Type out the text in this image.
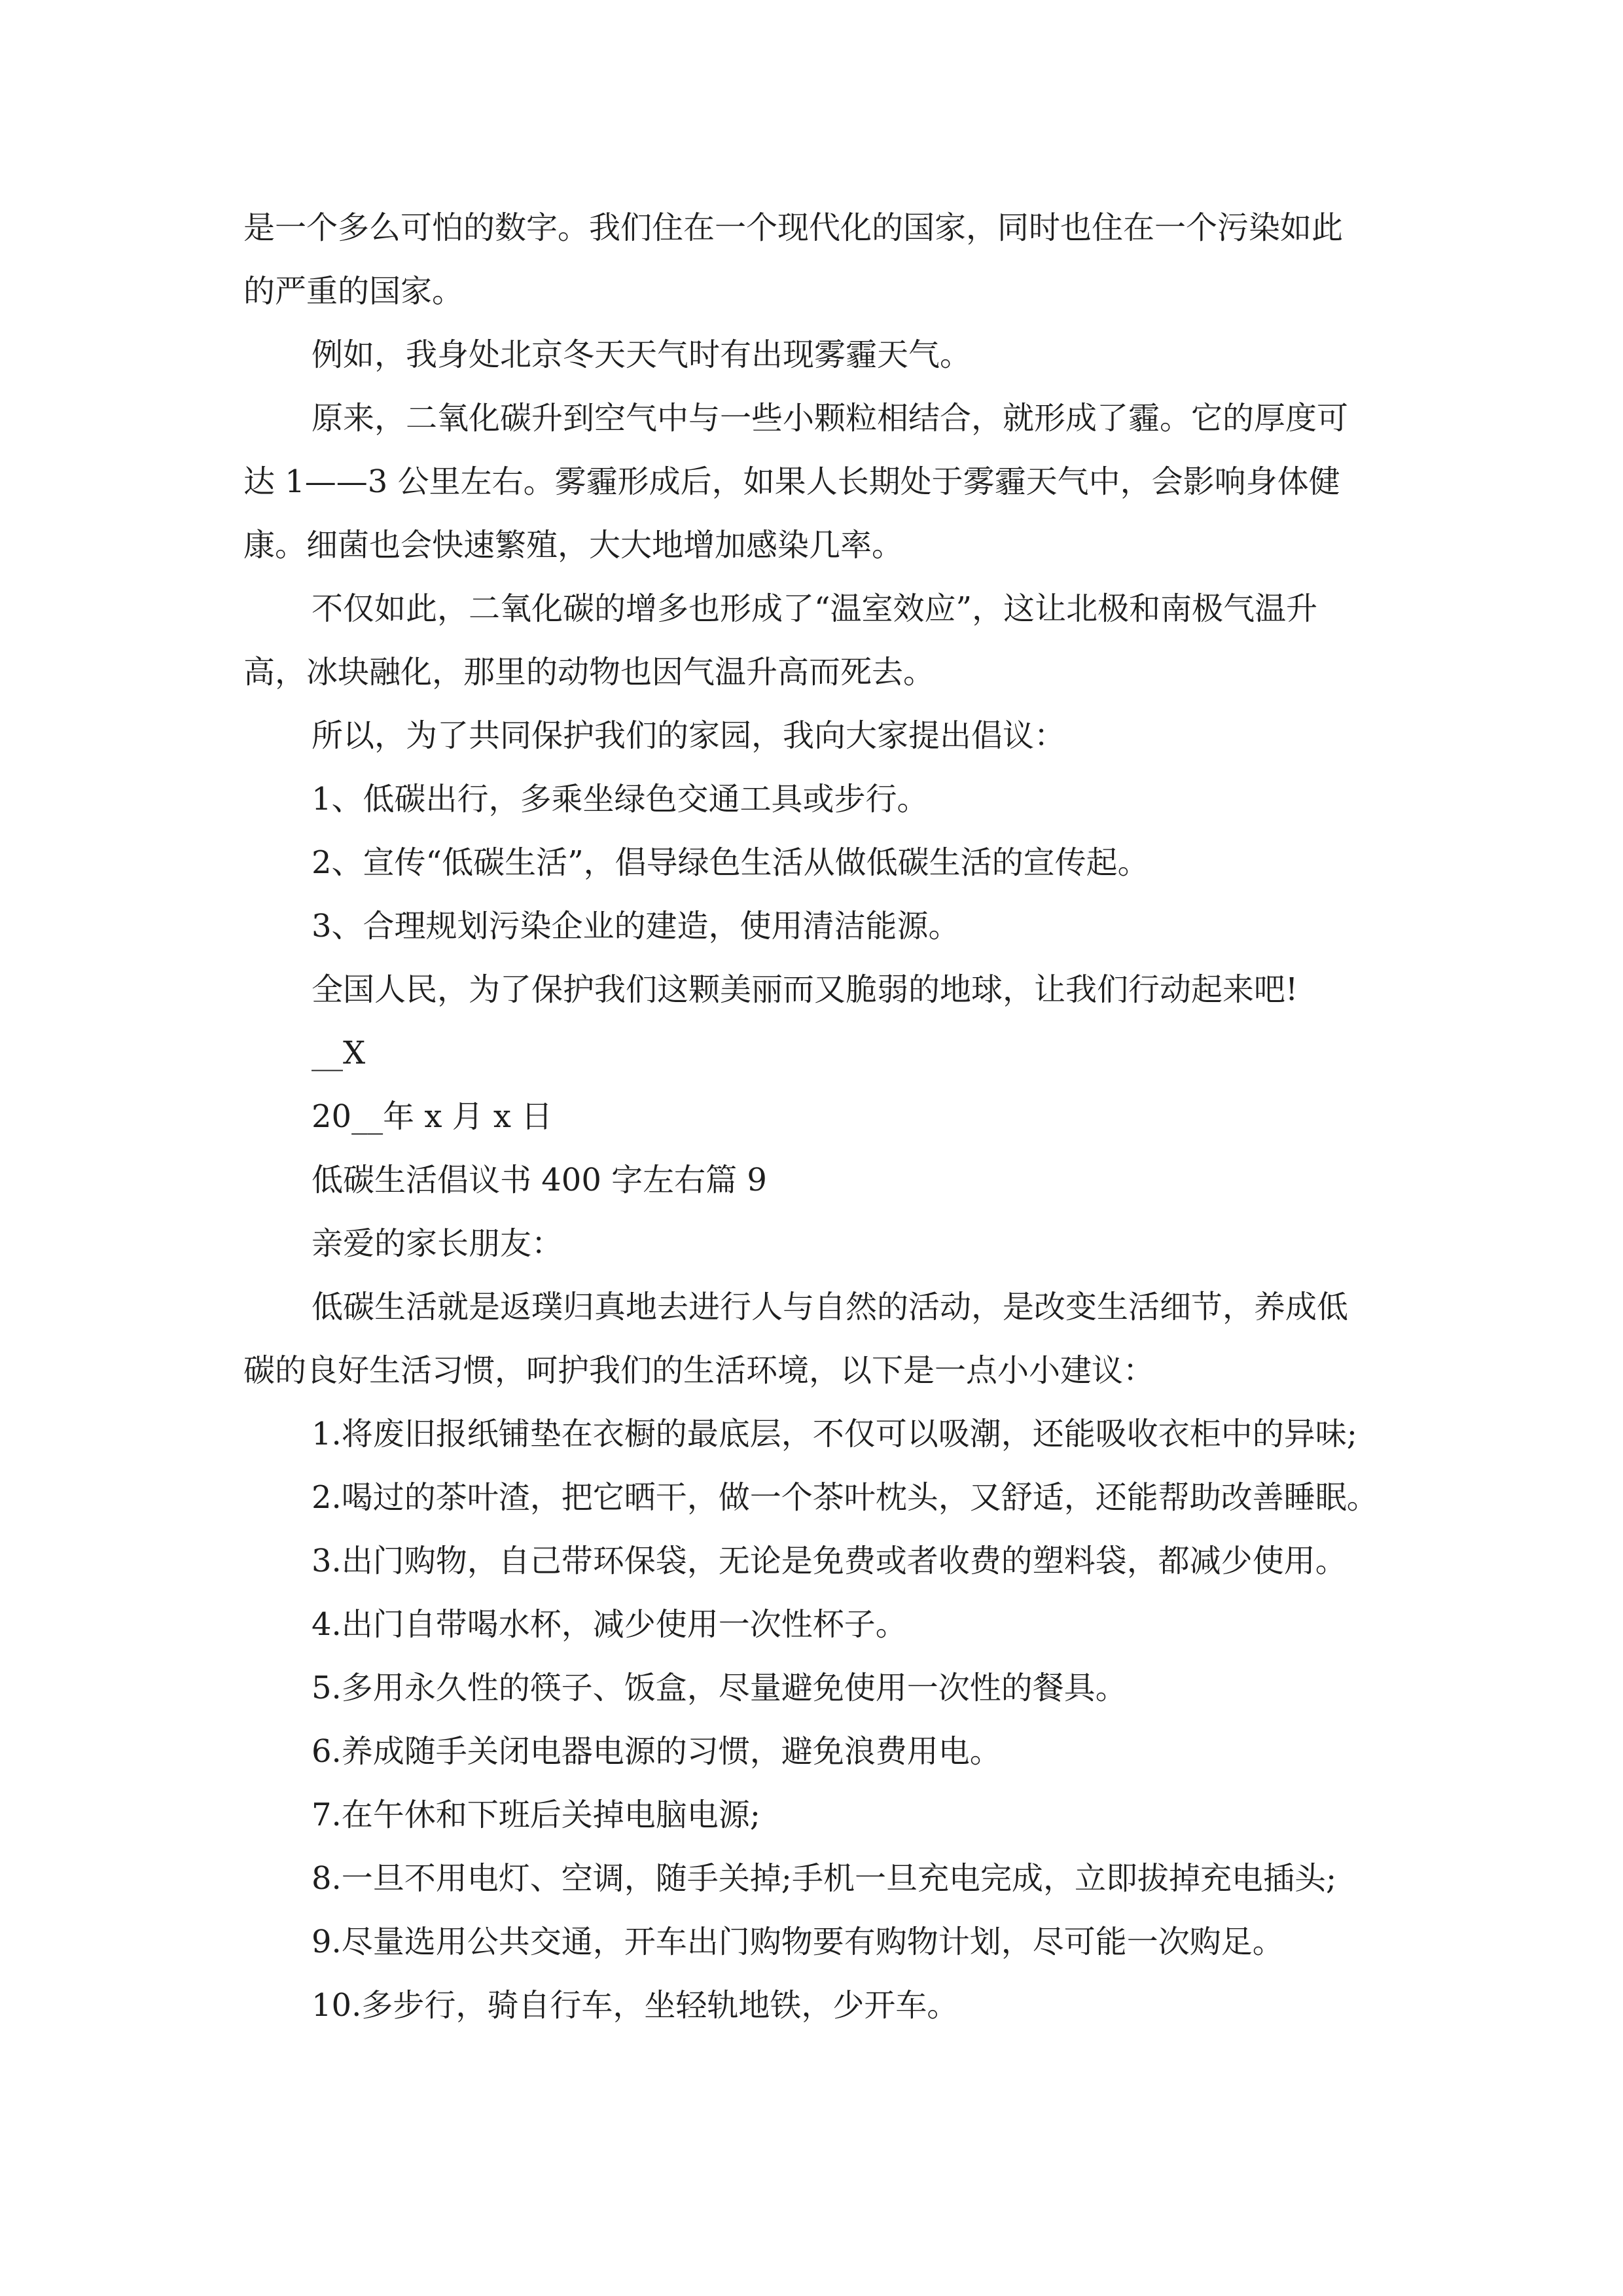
是一个多么可怕的数字。我们住在一个现代化的国家，同时也住在一个污染如此
的严重的国家。
例如，我身处北京冬天天气时有出现雾霾天气。
原来，二氧化碳升到空气中与一些小颗粒相结合，就形成了霾。它的厚度可
达 1——3 公里左右。雾霾形成后，如果人长期处于雾霾天气中，会影响身体健
康。细菌也会快速繁殖，大大地增加感染几率。
不仅如此，二氧化碳的增多也形成了“温室效应”，这让北极和南极气温升
高，冰块融化，那里的动物也因气温升高而死去。
所以，为了共同保护我们的家园，我向大家提出倡议：
1、低碳出行，多乘坐绿色交通工具或步行。
2、宣传“低碳生活”，倡导绿色生活从做低碳生活的宣传起。
3、合理规划污染企业的建造，使用清洁能源。
全国人民，为了保护我们这颗美丽而又脆弱的地球，让我们行动起来吧!
__X
20__年 x 月 x 日
低碳生活倡议书 400 字左右篇 9
亲爱的家长朋友：
低碳生活就是返璞归真地去进行人与自然的活动，是改变生活细节，养成低
碳的良好生活习惯，呵护我们的生活环境，以下是一点小小建议：
1.将废旧报纸铺垫在衣橱的最底层，不仅可以吸潮，还能吸收衣柜中的异味;
2.喝过的茶叶渣，把它晒干，做一个茶叶枕头，又舒适，还能帮助改善睡眠。
3.出门购物，自己带环保袋，无论是免费或者收费的塑料袋，都减少使用。
4.出门自带喝水杯，减少使用一次性杯子。
5.多用永久性的筷子、饭盒，尽量避免使用一次性的餐具。
6.养成随手关闭电器电源的习惯，避免浪费用电。
7.在午休和下班后关掉电脑电源;
8.一旦不用电灯、空调，随手关掉;手机一旦充电完成，立即拔掉充电插头;
9.尽量选用公共交通，开车出门购物要有购物计划，尽可能一次购足。
10.多步行，骑自行车，坐轻轨地铁，少开车。
